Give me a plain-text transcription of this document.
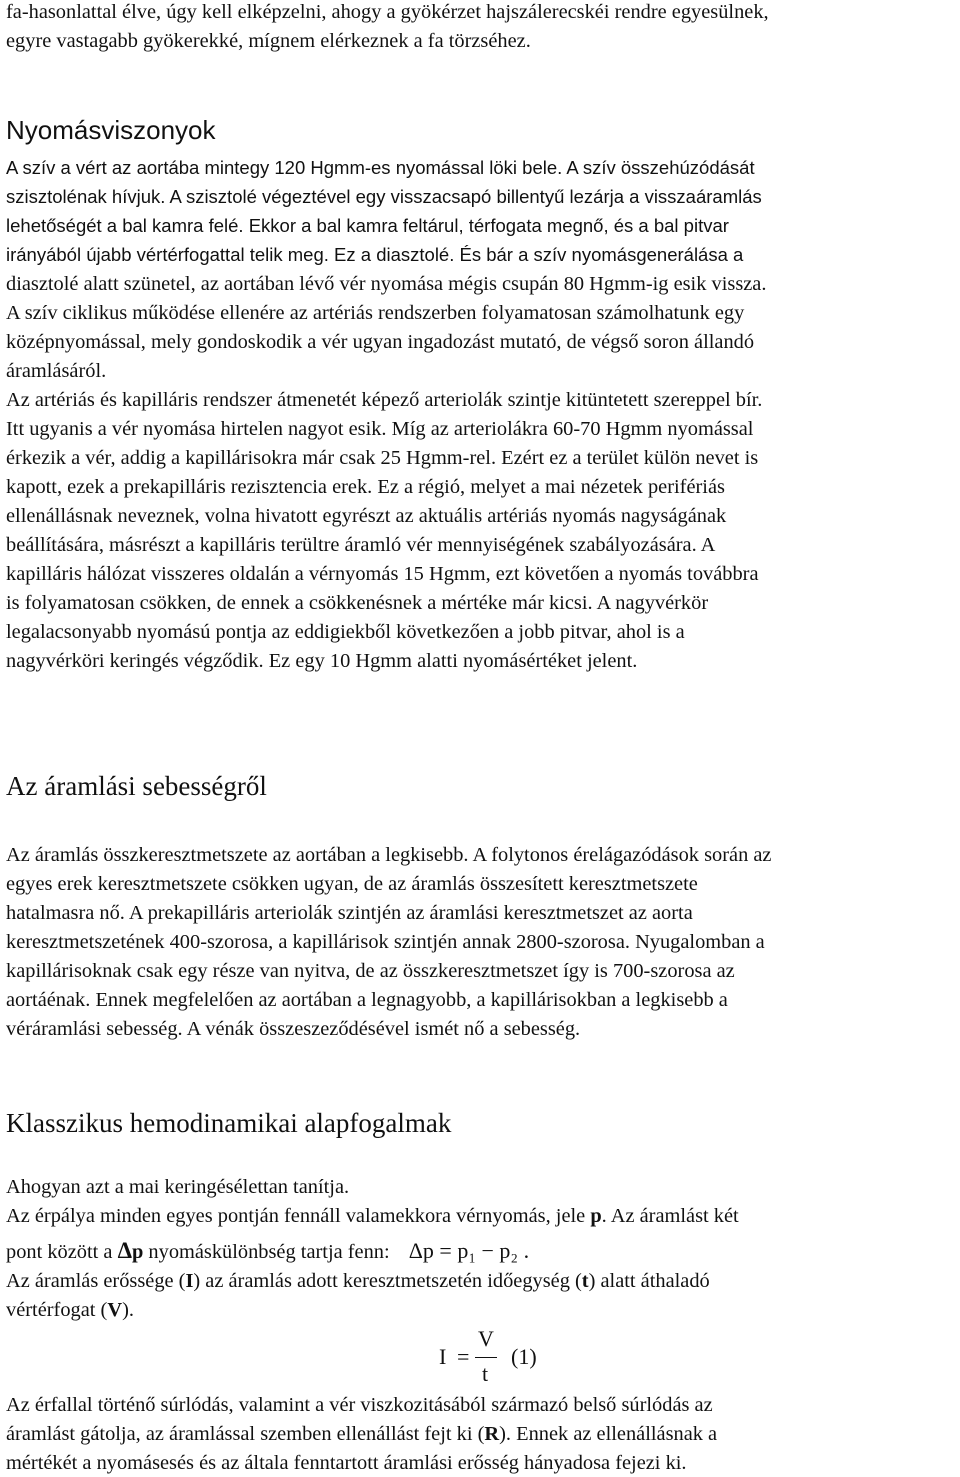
fa-hasonlattal élve, úgy kell elképzelni, ahogy a gyökérzet hajszálerecskéi rendre egyesülnek,
egyre vastagabb gyökerekké, mígnem elérkeznek a fa törzséhez.
Nyomásviszonyok
A szív a vért az aortába mintegy 120 Hgmm-es nyomással löki bele. A szív összehúzódását
szisztolénak hívjuk. A szisztolé végeztével egy visszacsapó billentyű lezárja a visszaáramlás
lehetőségét a bal kamra felé. Ekkor a bal kamra feltárul, térfogata megnő, és a bal pitvar
irányából újabb vértérfogattal telik meg. Ez a diasztolé. És bár a szív nyomásgenerálása a
diasztolé alatt szünetel, az aortában lévő vér nyomása mégis csupán 80 Hgmm-ig esik vissza.
A szív ciklikus működése ellenére az artériás rendszerben folyamatosan számolhatunk egy
középnyomással, mely gondoskodik a vér ugyan ingadozást mutató, de végső soron állandó
áramlásáról.
Az artériás és kapilláris rendszer átmenetét képező arteriolák szintje kitüntetett szereppel bír.
Itt ugyanis a vér nyomása hirtelen nagyot esik. Míg az arteriolákra 60-70 Hgmm nyomással
érkezik a vér, addig a kapillárisokra már csak 25 Hgmm-rel. Ezért ez a terület külön nevet is
kapott, ezek a prekapilláris rezisztencia erek. Ez a régió, melyet a mai nézetek perifériás
ellenállásnak neveznek, volna hivatott egyrészt az aktuális artériás nyomás nagyságának
beállítására, másrészt a kapilláris terültre áramló vér mennyiségének szabályozására. A
kapilláris hálózat visszeres oldalán a vérnyomás 15 Hgmm, ezt követően a nyomás továbbra
is folyamatosan csökken, de ennek a csökkenésnek a mértéke már kicsi. A nagyvérkör
legalacsonyabb nyomású pontja az eddigiekből következően a jobb pitvar, ahol is a
nagyvérköri keringés végződik. Ez egy 10 Hgmm alatti nyomásértéket jelent.
Az áramlási sebességről
Az áramlás összkeresztmetszete az aortában a legkisebb. A folytonos érelágazódások során az
egyes erek keresztmetszete csökken ugyan, de az áramlás összesített keresztmetszete
hatalmasra nő. A prekapilláris arteriolák szintjén az áramlási keresztmetszet az aorta
keresztmetszetének 400-szorosa, a kapillárisok szintjén annak 2800-szorosa. Nyugalomban a
kapillárisoknak csak egy része van nyitva, de az összkeresztmetszet így is 700-szorosa az
aortáénak. Ennek megfelelően az aortában a legnagyobb, a kapillárisokban a legkisebb a
véráramlási sebesség. A vénák összeszeződésével ismét nő a sebesség.
Klasszikus hemodinamikai alapfogalmak
Ahogyan azt a mai keringésélettan tanítja.
Az érpálya minden egyes pontján fennáll valamekkora vérnyomás, jele p. Az áramlást két
pont között a Δp nyomáskülönbség tartja fenn: Δp = p₁ − p₂ .
Az áramlás erőssége (I) az áramlás adott keresztmetszetén időegység (t) alatt áthaladó
vértérfogat (V).
I =
V
t
(1)
Az érfallal történő súrlódás, valamint a vér viszkozitásából származó belső súrlódás az
áramlást gátolja, az áramlással szemben ellenállást fejt ki (R). Ennek az ellenállásnak a
mértékét a nyomásesés és az általa fenntartott áramlási erősség hányadosa fejezi ki.
